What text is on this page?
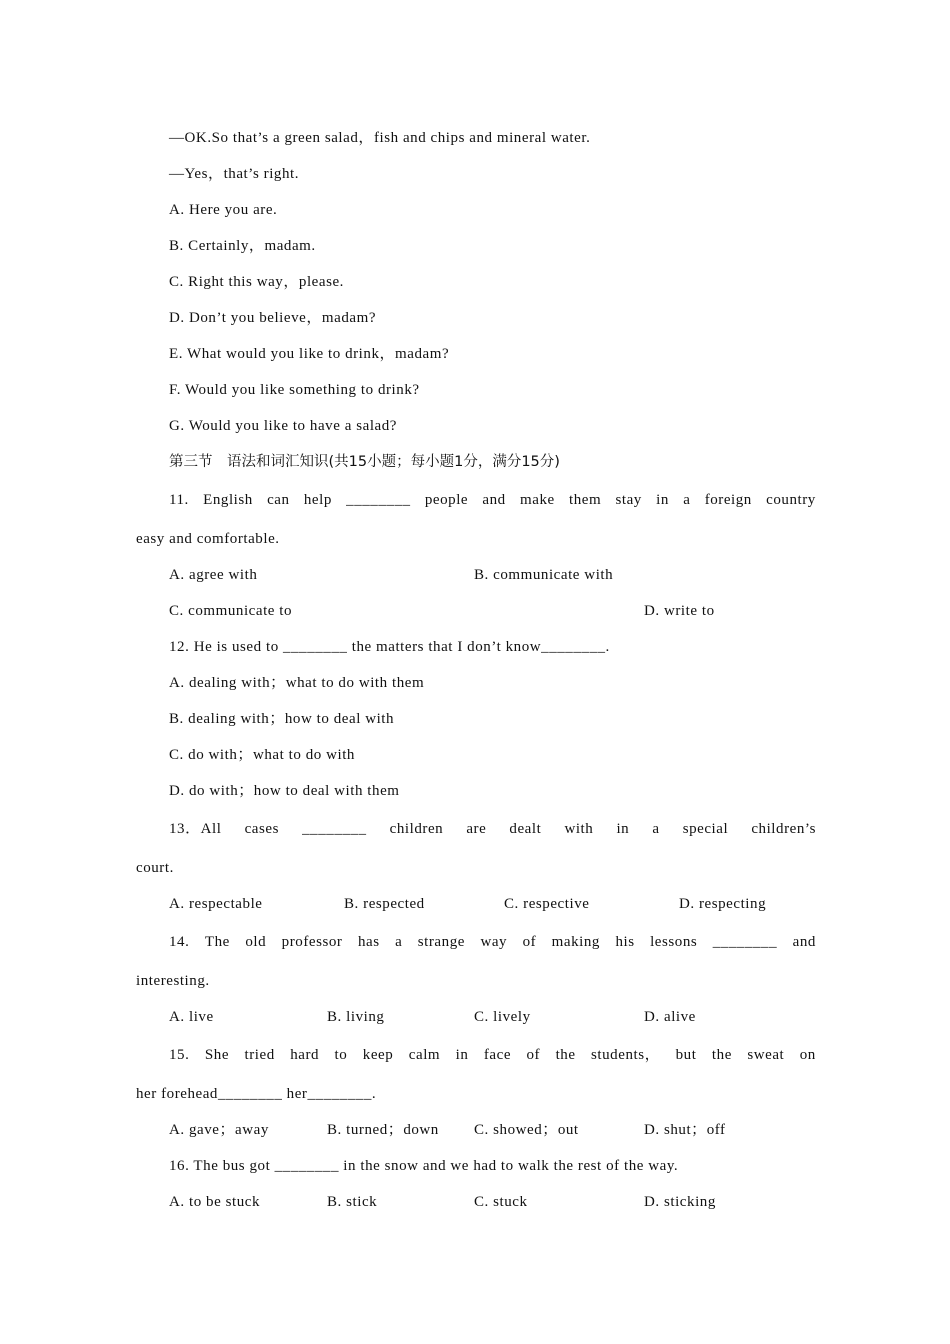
—OK.So that’s a green salad，fish and chips and mineral water.
—Yes，that’s right.
A. Here you are.
B. Certainly，madam.
C. Right this way，please.
D. Don’t you believe，madam?
E. What would you like to drink，madam?
F. Would you like something to drink?
G. Would you like to have a salad?
第三节　语法和词汇知识(共15小题；每小题1分，满分15分)
11. English can help ________ people and make them stay in a foreign country
easy and comfortable.
A. agree with	B. communicate with
C. communicate to	D. write to
12. He is used to ________ the matters that I don’t know________.
A. dealing with；what to do with them
B. dealing with；how to deal with
C. do with；what to do with
D. do with；how to deal with them
13．All cases ________ children are dealt with in a special children’s
court.
A. respectable	B. respected	C. respective	D. respecting
14. The old professor has a strange way of making his lessons ________ and
interesting.
A. live	B. living	C. lively	D. alive
15. She tried hard to keep calm in face of the students， but the sweat on
her forehead________ her________.
A. gave；away	B. turned；down C. showed；out	D. shut；off
16. The bus got ________ in the snow and we had to walk the rest of the way.
A. to be stuck	B. stick	C. stuck	D. sticking
